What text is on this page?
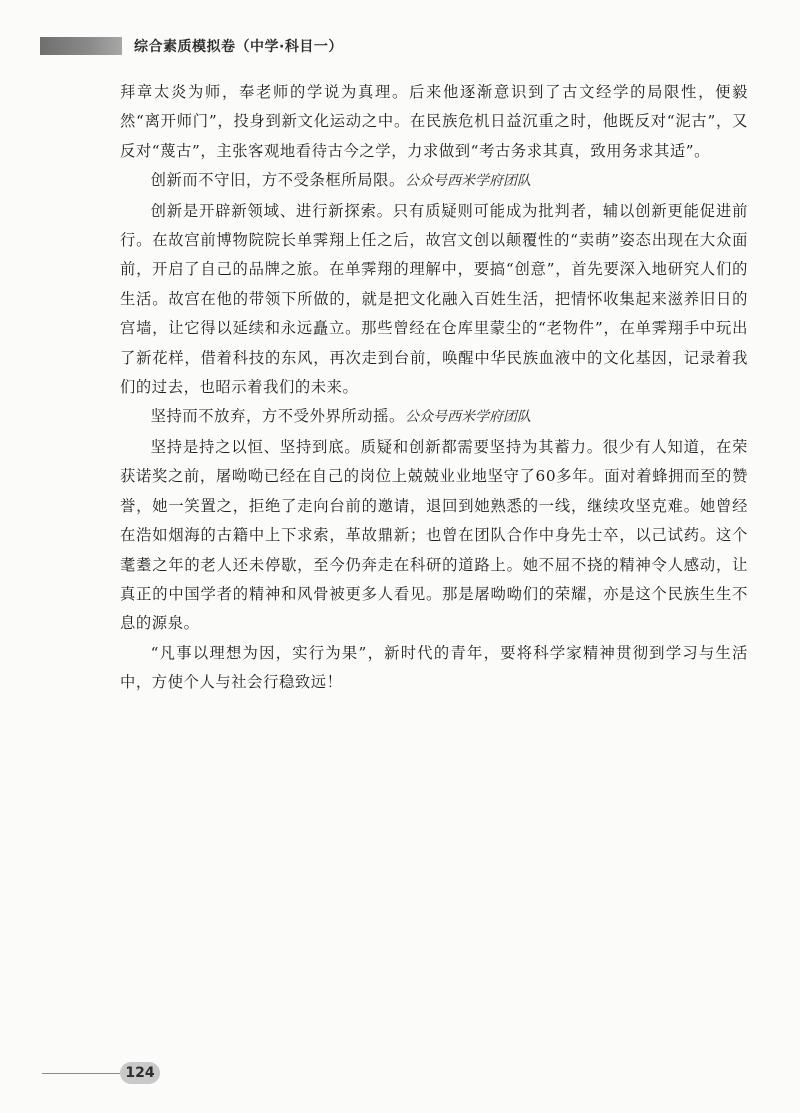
综合素质模拟卷（中学·科目一）

拜章太炎为师，奉老师的学说为真理。后来他逐渐意识到了古文经学的局限性，便毅然“离开师门”，投身到新文化运动之中。在民族危机日益沉重之时，他既反对“泥古”，又反对“蔑古”，主张客观地看待古今之学，力求做到“考古务求其真，致用务求其适”。

创新而不守旧，方不受条框所局限。公众号西米学府团队

创新是开辟新领域、进行新探索。只有质疑则可能成为批判者，辅以创新更能促进前行。在故宫前博物院院长单霁翔上任之后，故宫文创以颠覆性的“卖萌”姿态出现在大众面前，开启了自己的品牌之旅。在单霁翔的理解中，要搞“创意”，首先要深入地研究人们的生活。故宫在他的带领下所做的，就是把文化融入百姓生活，把情怀收集起来滋养旧日的宫墙，让它得以延续和永远矗立。那些曾经在仓库里蒙尘的“老物件”，在单霁翔手中玩出了新花样，借着科技的东风，再次走到台前，唤醒中华民族血液中的文化基因，记录着我们的过去，也昭示着我们的未来。

坚持而不放弃，方不受外界所动摇。公众号西米学府团队

坚持是持之以恒、坚持到底。质疑和创新都需要坚持为其蓄力。很少有人知道，在荣获诺奖之前，屠呦呦已经在自己的岗位上兢兢业业地坚守了60多年。面对着蜂拥而至的赞誉，她一笑置之，拒绝了走向台前的邀请，退回到她熟悉的一线，继续攻坚克难。她曾经在浩如烟海的古籍中上下求索，革故鼎新；也曾在团队合作中身先士卒，以己试药。这个耄耋之年的老人还未停歇，至今仍奔走在科研的道路上。她不屈不挠的精神令人感动，让真正的中国学者的精神和风骨被更多人看见。那是屠呦呦们的荣耀，亦是这个民族生生不息的源泉。

“凡事以理想为因，实行为果”，新时代的青年，要将科学家精神贯彻到学习与生活中，方使个人与社会行稳致远！

124
